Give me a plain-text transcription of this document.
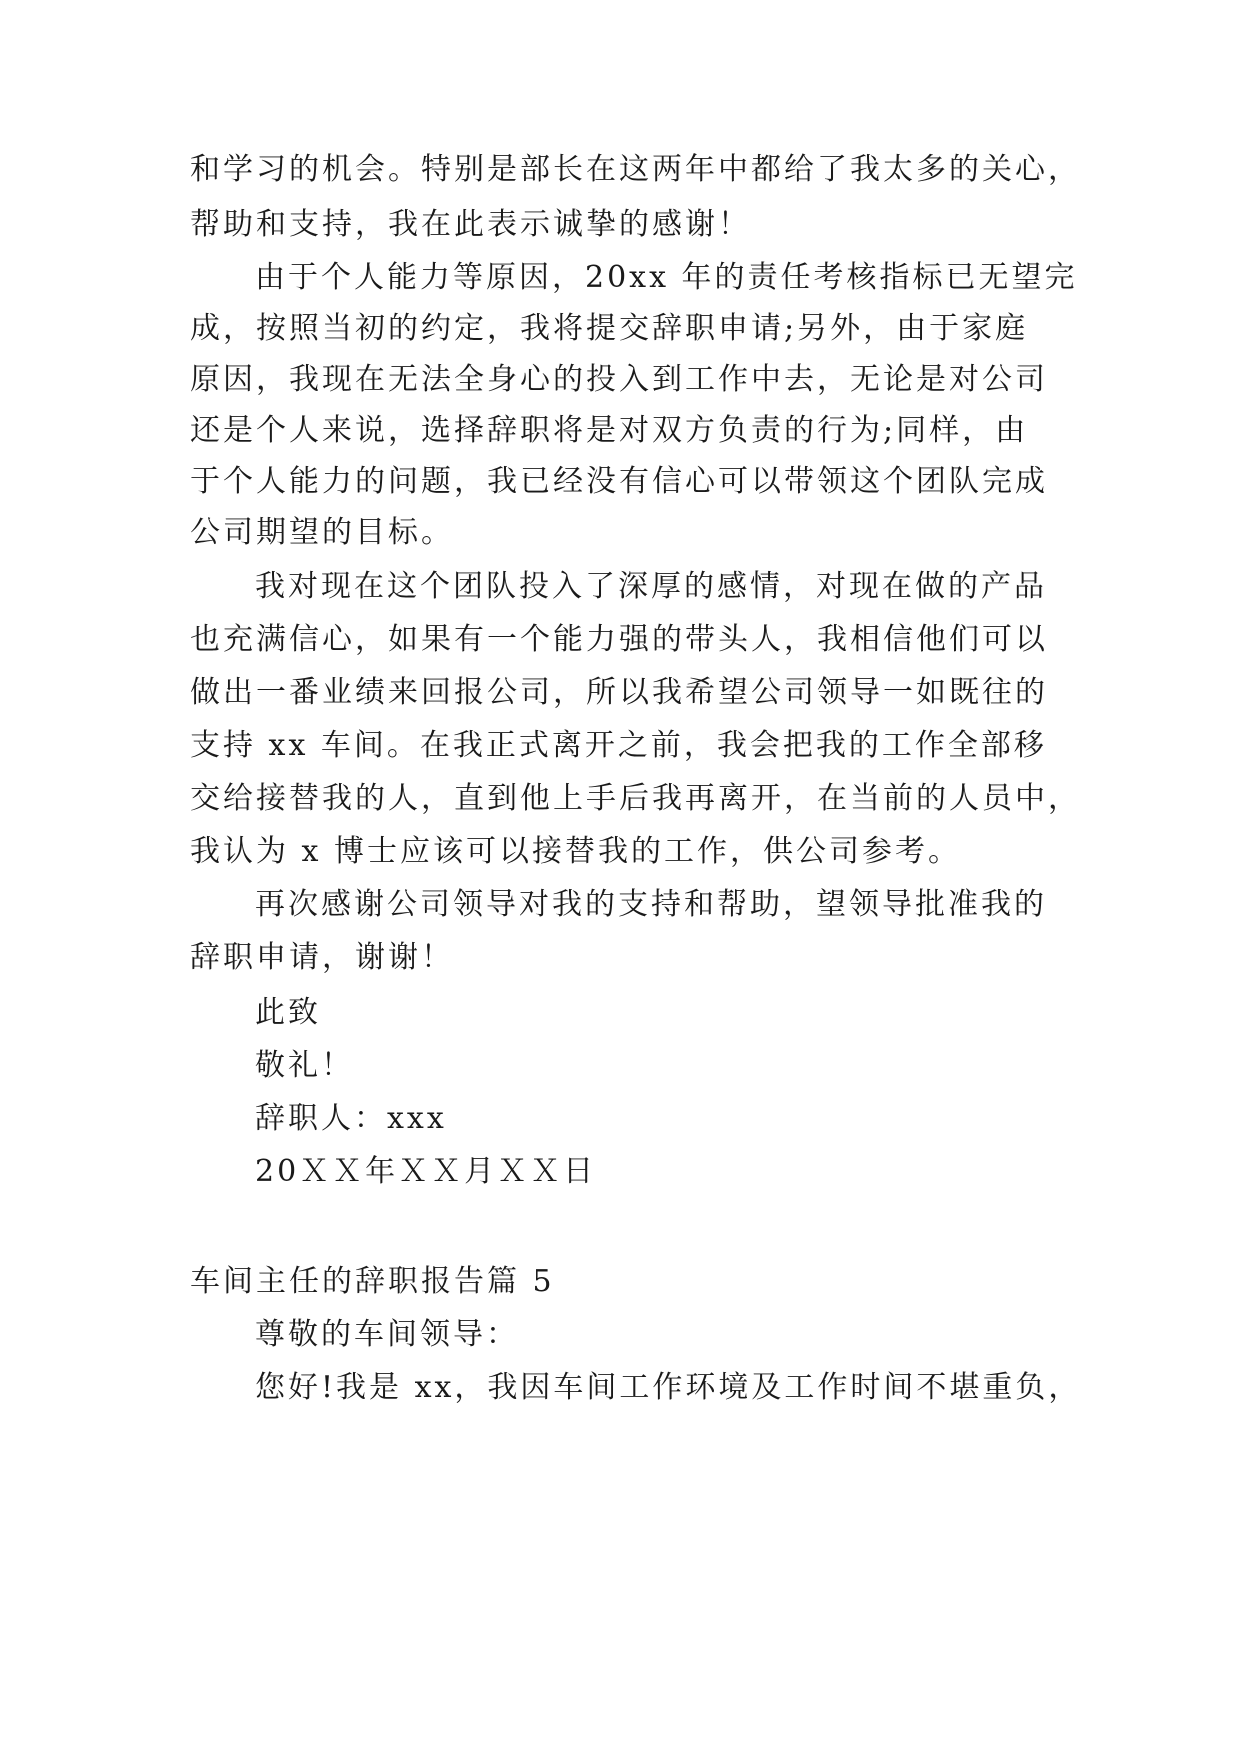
和学习的机会。特别是部长在这两年中都给了我太多的关心，
帮助和支持，我在此表示诚挚的感谢！
由于个人能力等原因，20xx 年的责任考核指标已无望完
成，按照当初的约定，我将提交辞职申请;另外，由于家庭
原因，我现在无法全身心的投入到工作中去，无论是对公司
还是个人来说，选择辞职将是对双方负责的行为;同样，由
于个人能力的问题，我已经没有信心可以带领这个团队完成
公司期望的目标。
我对现在这个团队投入了深厚的感情，对现在做的产品
也充满信心，如果有一个能力强的带头人，我相信他们可以
做出一番业绩来回报公司，所以我希望公司领导一如既往的
支持 xx 车间。在我正式离开之前，我会把我的工作全部移
交给接替我的人，直到他上手后我再离开，在当前的人员中，
我认为 x 博士应该可以接替我的工作，供公司参考。
再次感谢公司领导对我的支持和帮助，望领导批准我的
辞职申请，谢谢！
此致
敬礼！
辞职人：xxx
20ＸＸ年ＸＸ月ＸＸ日
车间主任的辞职报告篇 5
尊敬的车间领导：
您好!我是 xx，我因车间工作环境及工作时间不堪重负，
